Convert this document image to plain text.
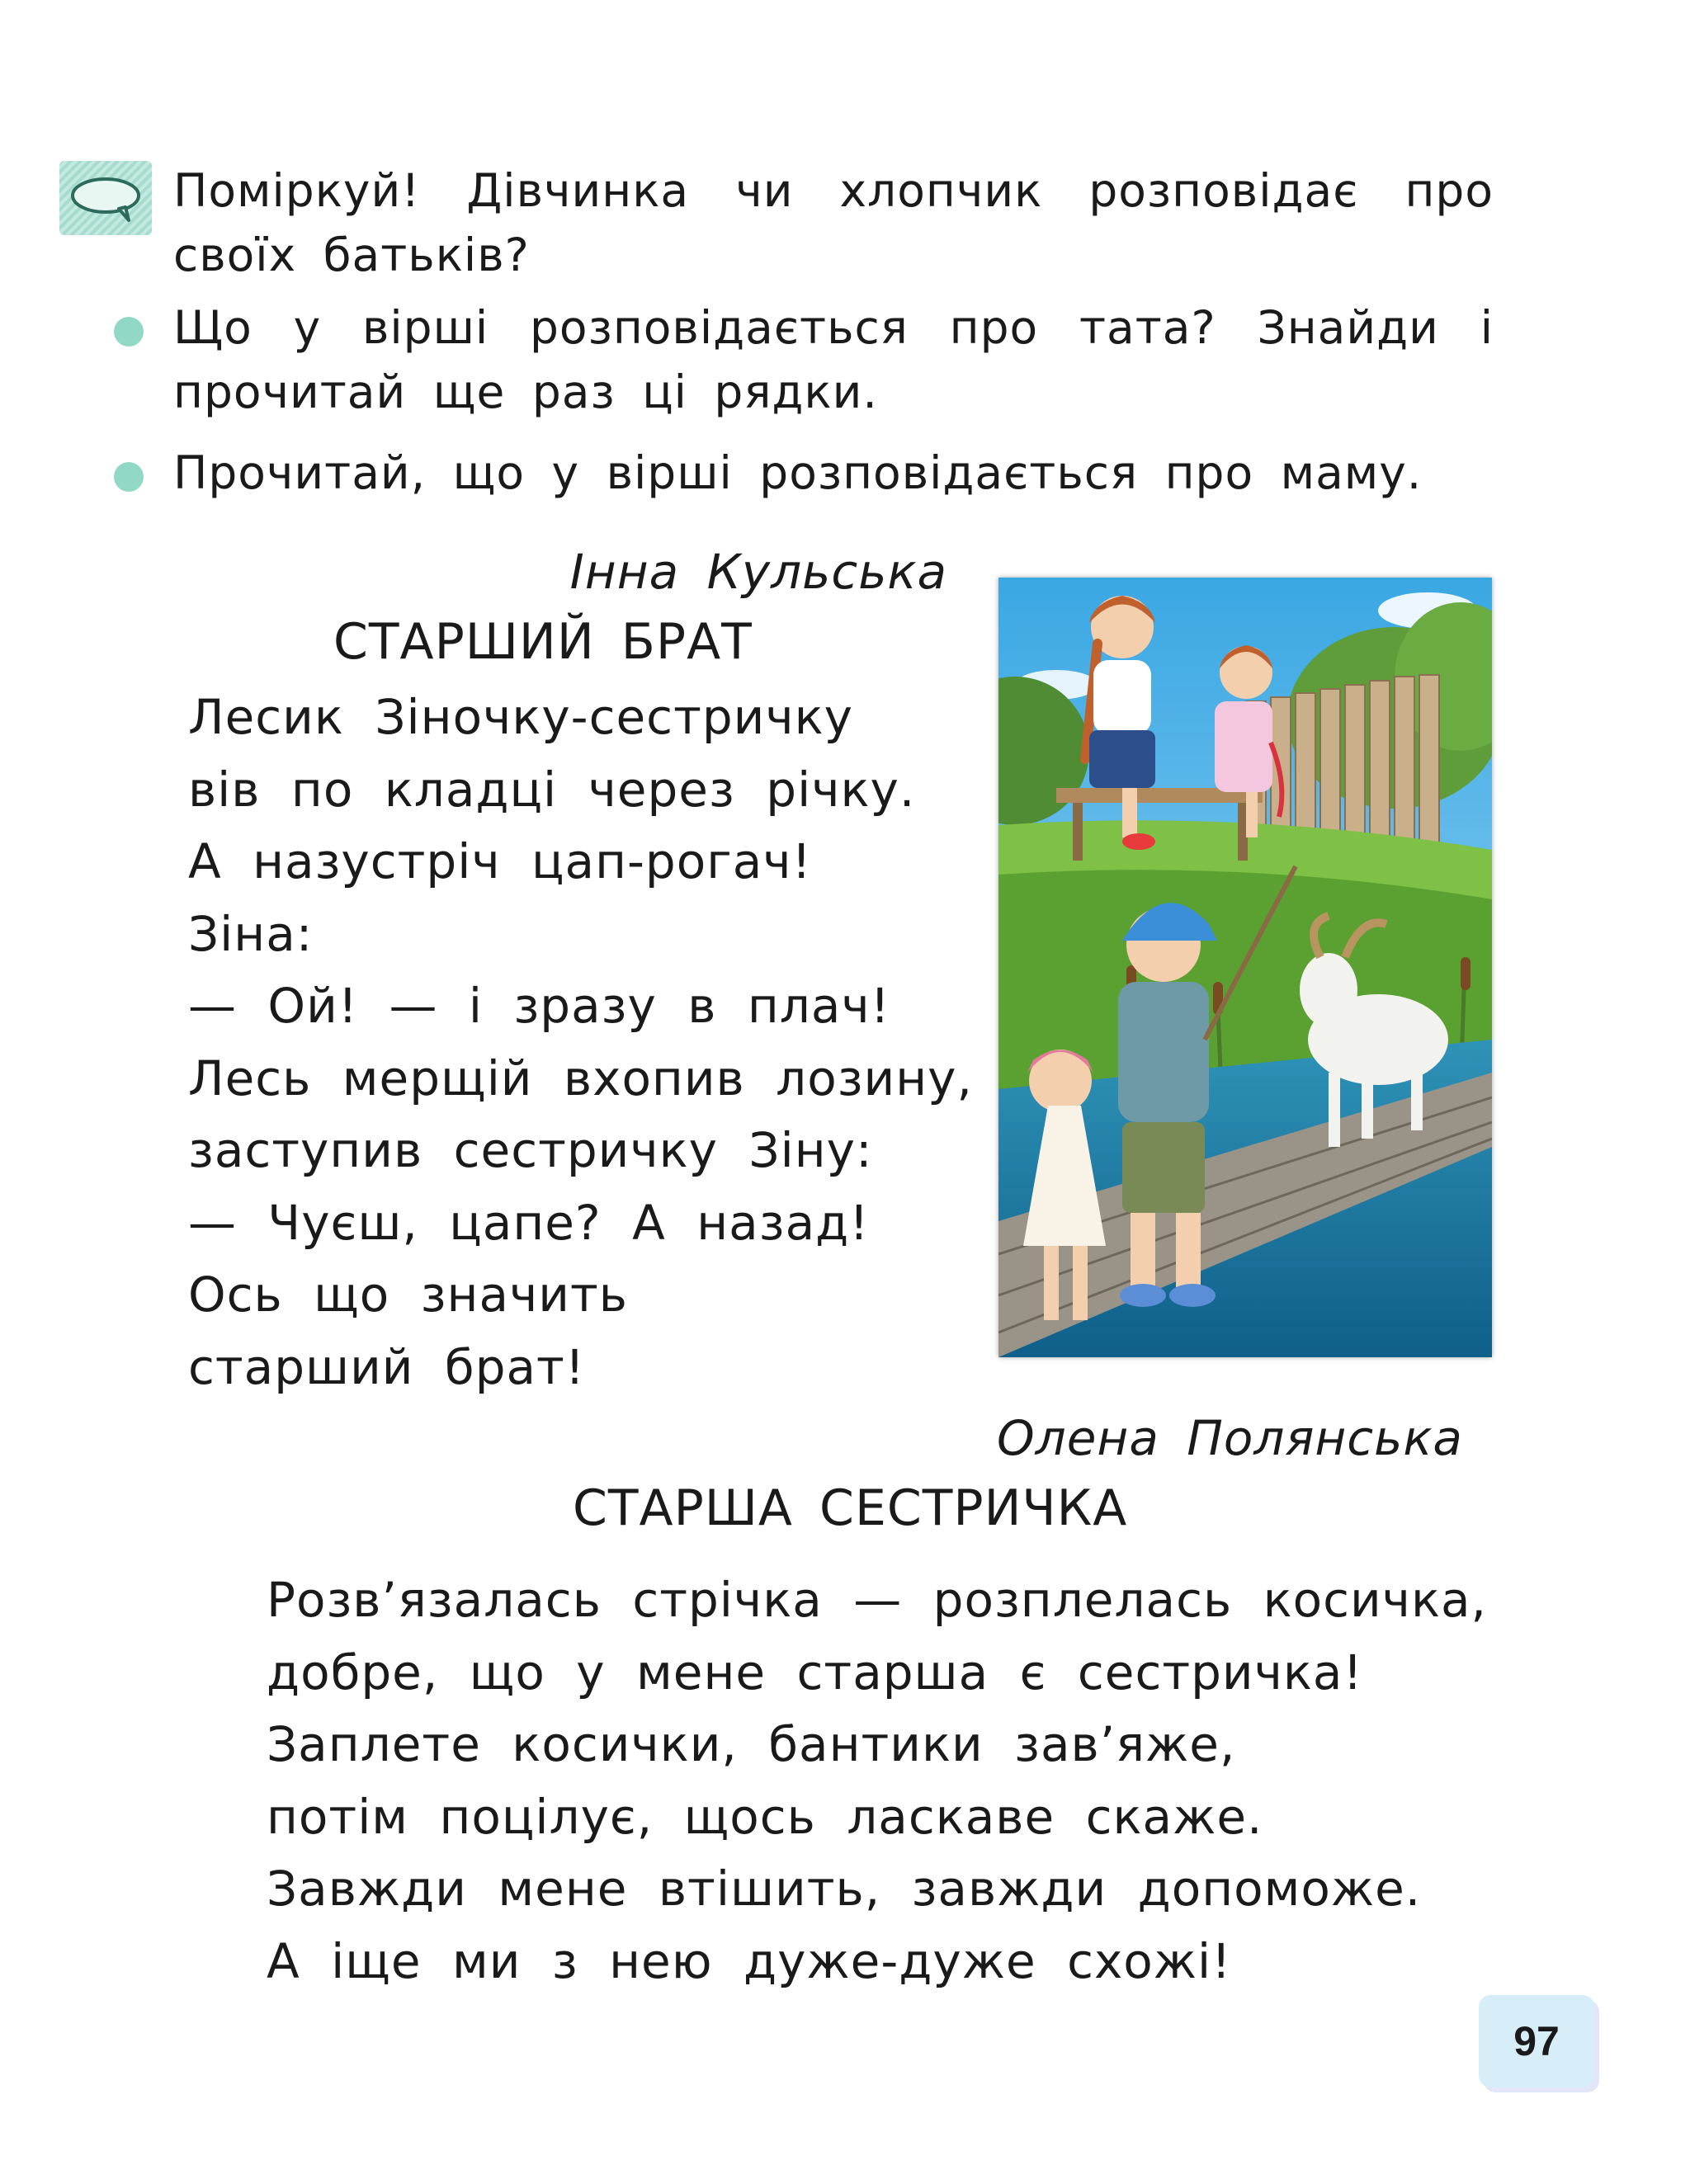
Поміркуй! Дівчинка чи хлопчик розповідає про своїх батьків?
Що у вірші розповідається про тата? Знайди і прочитай ще раз ці рядки.
Прочитай, що у вірші розповідається про маму.
Інна Кульська
СТАРШИЙ БРАТ
Лесик Зіночку-сестричку
вів по кладці через річку.
А назустріч цап-рогач!
Зіна:
— Ой! — і зразу в плач!
Лесь мерщій вхопив лозину,
заступив сестричку Зіну:
— Чуєш, цапе? А назад!
Ось що значить
старший брат!
Олена Полянська
СТАРША СЕСТРИЧКА
Розв’язалась стрічка — розплелась косичка,
добре, що у мене старша є сестричка!
Заплете косички, бантики зав’яже,
потім поцілує, щось ласкаве скаже.
Завжди мене втішить, завжди допоможе.
А іще ми з нею дуже-дуже схожі!
97
